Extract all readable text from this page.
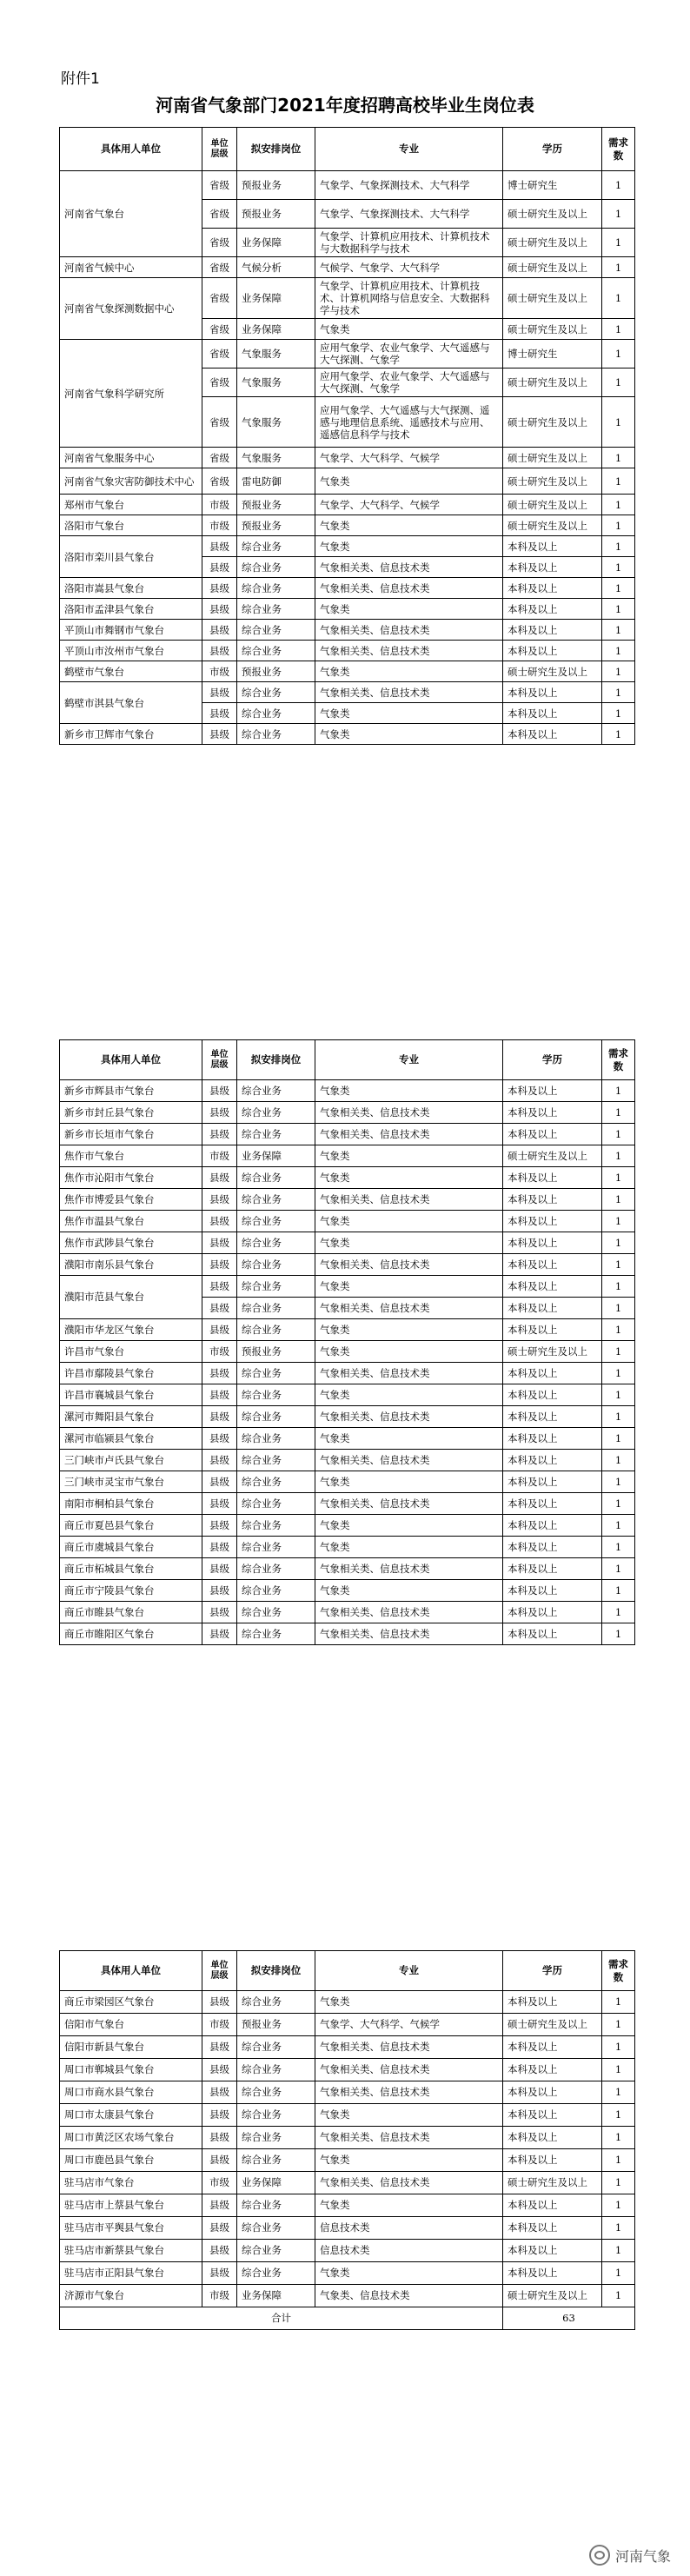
附件1
河南省气象部门2021年度招聘高校毕业生岗位表
具体用人单位	单位层级	拟安排岗位	专业	学历	需求数
河南省气象台	省级	预报业务	气象学、气象探测技术、大气科学	博士研究生	1
	省级	预报业务	气象学、气象探测技术、大气科学	硕士研究生及以上	1
	省级	业务保障	气象学、计算机应用技术、计算机技术与大数据科学与技术	硕士研究生及以上	1
河南省气候中心	省级	气候分析	气候学、气象学、大气科学	硕士研究生及以上	1
河南省气象探测数据中心	省级	业务保障	气象学、计算机应用技术、计算机技术、计算机网络与信息安全、大数据科学与技术	硕士研究生及以上	1
	省级	业务保障	气象类	硕士研究生及以上	1
河南省气象科学研究所	省级	气象服务	应用气象学、农业气象学、大气遥感与大气探测、气象学	博士研究生	1
	省级	气象服务	应用气象学、农业气象学、大气遥感与大气探测、气象学	硕士研究生及以上	1
	省级	气象服务	应用气象学、大气遥感与大气探测、遥感与地理信息系统、遥感技术与应用、遥感信息科学与技术	硕士研究生及以上	1
河南省气象服务中心	省级	气象服务	气象学、大气科学、气候学	硕士研究生及以上	1
河南省气象灾害防御技术中心	省级	雷电防御	气象类	硕士研究生及以上	1
郑州市气象台	市级	预报业务	气象学、大气科学、气候学	硕士研究生及以上	1
洛阳市气象台	市级	预报业务	气象类	硕士研究生及以上	1
洛阳市栾川县气象台	县级	综合业务	气象类	本科及以上	1
	县级	综合业务	气象相关类、信息技术类	本科及以上	1
洛阳市嵩县气象台	县级	综合业务	气象相关类、信息技术类	本科及以上	1
洛阳市孟津县气象台	县级	综合业务	气象类	本科及以上	1
平顶山市舞钢市气象台	县级	综合业务	气象相关类、信息技术类	本科及以上	1
平顶山市汝州市气象台	县级	综合业务	气象相关类、信息技术类	本科及以上	1
鹤壁市气象台	市级	预报业务	气象类	硕士研究生及以上	1
鹤壁市淇县气象台	县级	综合业务	气象相关类、信息技术类	本科及以上	1
	县级	综合业务	气象类	本科及以上	1
新乡市卫辉市气象台	县级	综合业务	气象类	本科及以上	1
具体用人单位	单位层级	拟安排岗位	专业	学历	需求数
新乡市辉县市气象台	县级	综合业务	气象类	本科及以上	1
新乡市封丘县气象台	县级	综合业务	气象相关类、信息技术类	本科及以上	1
新乡市长垣市气象台	县级	综合业务	气象相关类、信息技术类	本科及以上	1
焦作市气象台	市级	业务保障	气象类	硕士研究生及以上	1
焦作市沁阳市气象台	县级	综合业务	气象类	本科及以上	1
焦作市博爱县气象台	县级	综合业务	气象相关类、信息技术类	本科及以上	1
焦作市温县气象台	县级	综合业务	气象类	本科及以上	1
焦作市武陟县气象台	县级	综合业务	气象类	本科及以上	1
濮阳市南乐县气象台	县级	综合业务	气象相关类、信息技术类	本科及以上	1
濮阳市范县气象台	县级	综合业务	气象类	本科及以上	1
	县级	综合业务	气象相关类、信息技术类	本科及以上	1
濮阳市华龙区气象台	县级	综合业务	气象类	本科及以上	1
许昌市气象台	市级	预报业务	气象类	硕士研究生及以上	1
许昌市鄢陵县气象台	县级	综合业务	气象相关类、信息技术类	本科及以上	1
许昌市襄城县气象台	县级	综合业务	气象类	本科及以上	1
漯河市舞阳县气象台	县级	综合业务	气象相关类、信息技术类	本科及以上	1
漯河市临颍县气象台	县级	综合业务	气象类	本科及以上	1
三门峡市卢氏县气象台	县级	综合业务	气象相关类、信息技术类	本科及以上	1
三门峡市灵宝市气象台	县级	综合业务	气象类	本科及以上	1
南阳市桐柏县气象台	县级	综合业务	气象相关类、信息技术类	本科及以上	1
商丘市夏邑县气象台	县级	综合业务	气象类	本科及以上	1
商丘市虞城县气象台	县级	综合业务	气象类	本科及以上	1
商丘市柘城县气象台	县级	综合业务	气象相关类、信息技术类	本科及以上	1
商丘市宁陵县气象台	县级	综合业务	气象类	本科及以上	1
商丘市睢县气象台	县级	综合业务	气象相关类、信息技术类	本科及以上	1
商丘市睢阳区气象台	县级	综合业务	气象相关类、信息技术类	本科及以上	1
具体用人单位	单位层级	拟安排岗位	专业	学历	需求数
商丘市梁园区气象台	县级	综合业务	气象类	本科及以上	1
信阳市气象台	市级	预报业务	气象学、大气科学、气候学	硕士研究生及以上	1
信阳市新县气象台	县级	综合业务	气象相关类、信息技术类	本科及以上	1
周口市郸城县气象台	县级	综合业务	气象相关类、信息技术类	本科及以上	1
周口市商水县气象台	县级	综合业务	气象相关类、信息技术类	本科及以上	1
周口市太康县气象台	县级	综合业务	气象类	本科及以上	1
周口市黄泛区农场气象台	县级	综合业务	气象相关类、信息技术类	本科及以上	1
周口市鹿邑县气象台	县级	综合业务	气象类	本科及以上	1
驻马店市气象台	市级	业务保障	气象相关类、信息技术类	硕士研究生及以上	1
驻马店市上蔡县气象台	县级	综合业务	气象类	本科及以上	1
驻马店市平舆县气象台	县级	综合业务	信息技术类	本科及以上	1
驻马店市新蔡县气象台	县级	综合业务	信息技术类	本科及以上	1
驻马店市正阳县气象台	县级	综合业务	气象类	本科及以上	1
济源市气象台	市级	业务保障	气象类、信息技术类	硕士研究生及以上	1
合计				63	
河南气象
